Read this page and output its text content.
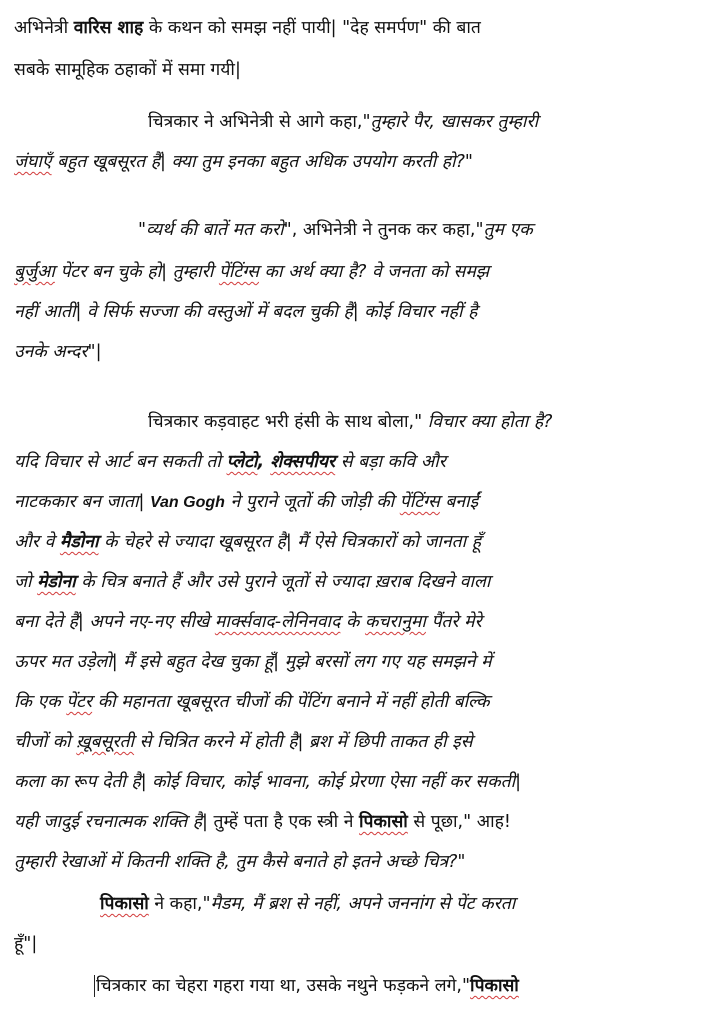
अभिनेत्री वारिस शाह के कथन को समझ नहीं पायी| "देह समर्पण" की बात
सबके सामूहिक ठहाकों में समा गयी|
चित्रकार ने अभिनेत्री से आगे कहा,"तुम्हारे पैर, खासकर तुम्हारी
जंघाएँ बहुत खूबसूरत हैं| क्या तुम इनका बहुत अधिक उपयोग करती हो?"
"व्यर्थ की बातें मत करो", अभिनेत्री ने तुनक कर कहा,"तुम एक
बुर्जुआ पेंटर बन चुके हो| तुम्हारी पेंटिंग्स का अर्थ क्या है? वे जनता को समझ
नहीं आतीं| वे सिर्फ सज्जा की वस्तुओं में बदल चुकी हैं| कोई विचार नहीं है
उनके अन्दर"|
चित्रकार कड़वाहट भरी हंसी के साथ बोला," विचार क्या होता है?
यदि विचार से आर्ट बन सकती तो प्लेटो, शेक्सपीयर से बड़ा कवि और
नाटककार बन जाता| Van Gogh ने पुराने जूतों की जोड़ी की पेंटिंग्स बनाईं
और वे मैडोना के चेहरे से ज्यादा खूबसूरत है| मैं ऐसे चित्रकारों को जानता हूँ
जो मेडोना के चित्र बनाते हैं और उसे पुराने जूतों से ज्यादा ख़राब दिखने वाला
बना देते हैं| अपने नए-नए सीखे मार्क्सवाद-लेनिनवाद के कचरानुमा पैंतरे मेरे
ऊपर मत उड़ेलो| मैं इसे बहुत देख चुका हूँ| मुझे बरसों लग गए यह समझने में
कि एक पेंटर की महानता खूबसूरत चीजों की पेंटिंग बनाने में नहीं होती बल्कि
चीजों को ख़ूबसूरती से चित्रित करने में होती है| ब्रश में छिपी ताकत ही इसे
कला का रूप देती है| कोई विचार, कोई भावना, कोई प्रेरणा ऐसा नहीं कर सकती|
यही जादुई रचनात्मक शक्ति है| तुम्हें पता है एक स्त्री ने पिकासो से पूछा," आह!
तुम्हारी रेखाओं में कितनी शक्ति है, तुम कैसे बनाते हो इतने अच्छे चित्र?"
पिकासो ने कहा,"मैडम, मैं ब्रश से नहीं, अपने जननांग से पेंट करता
हूँ"|
चित्रकार का चेहरा गहरा गया था, उसके नथुने फड़कने लगे,"पिकासो
